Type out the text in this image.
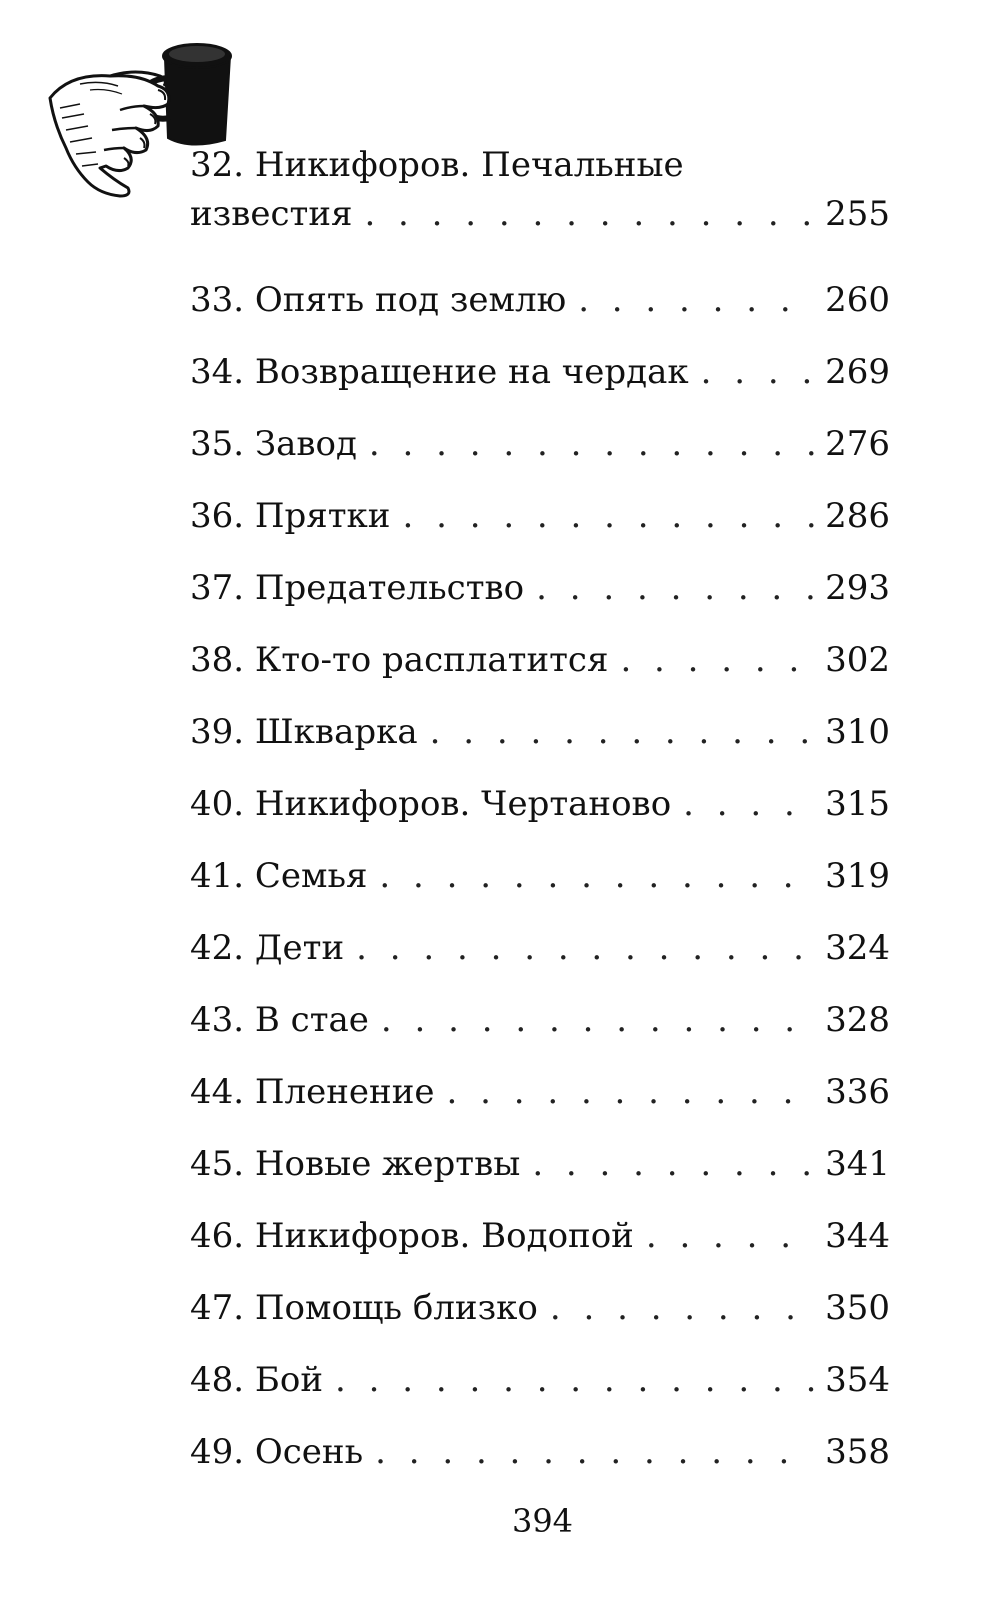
32. Никифоров. Печальные
известия . . .	255
33. Опять под землю . . .	260
34. Возвращение на чердак . . .	269
35. Завод . . .	276
36. Прятки . . .	286
37. Предательство . . .	293
38. Кто-то расплатится . . .	302
39. Шкварка . . .	310
40. Никифоров. Чертаново . . .	315
41. Семья . . .	319
42. Дети . . .	324
43. В стае . . .	328
44. Пленение . . .	336
45. Новые жертвы . . .	341
46. Никифоров. Водопой . . .	344
47. Помощь близко . . .	350
48. Бой . . .	354
49. Осень . . .	358
394
